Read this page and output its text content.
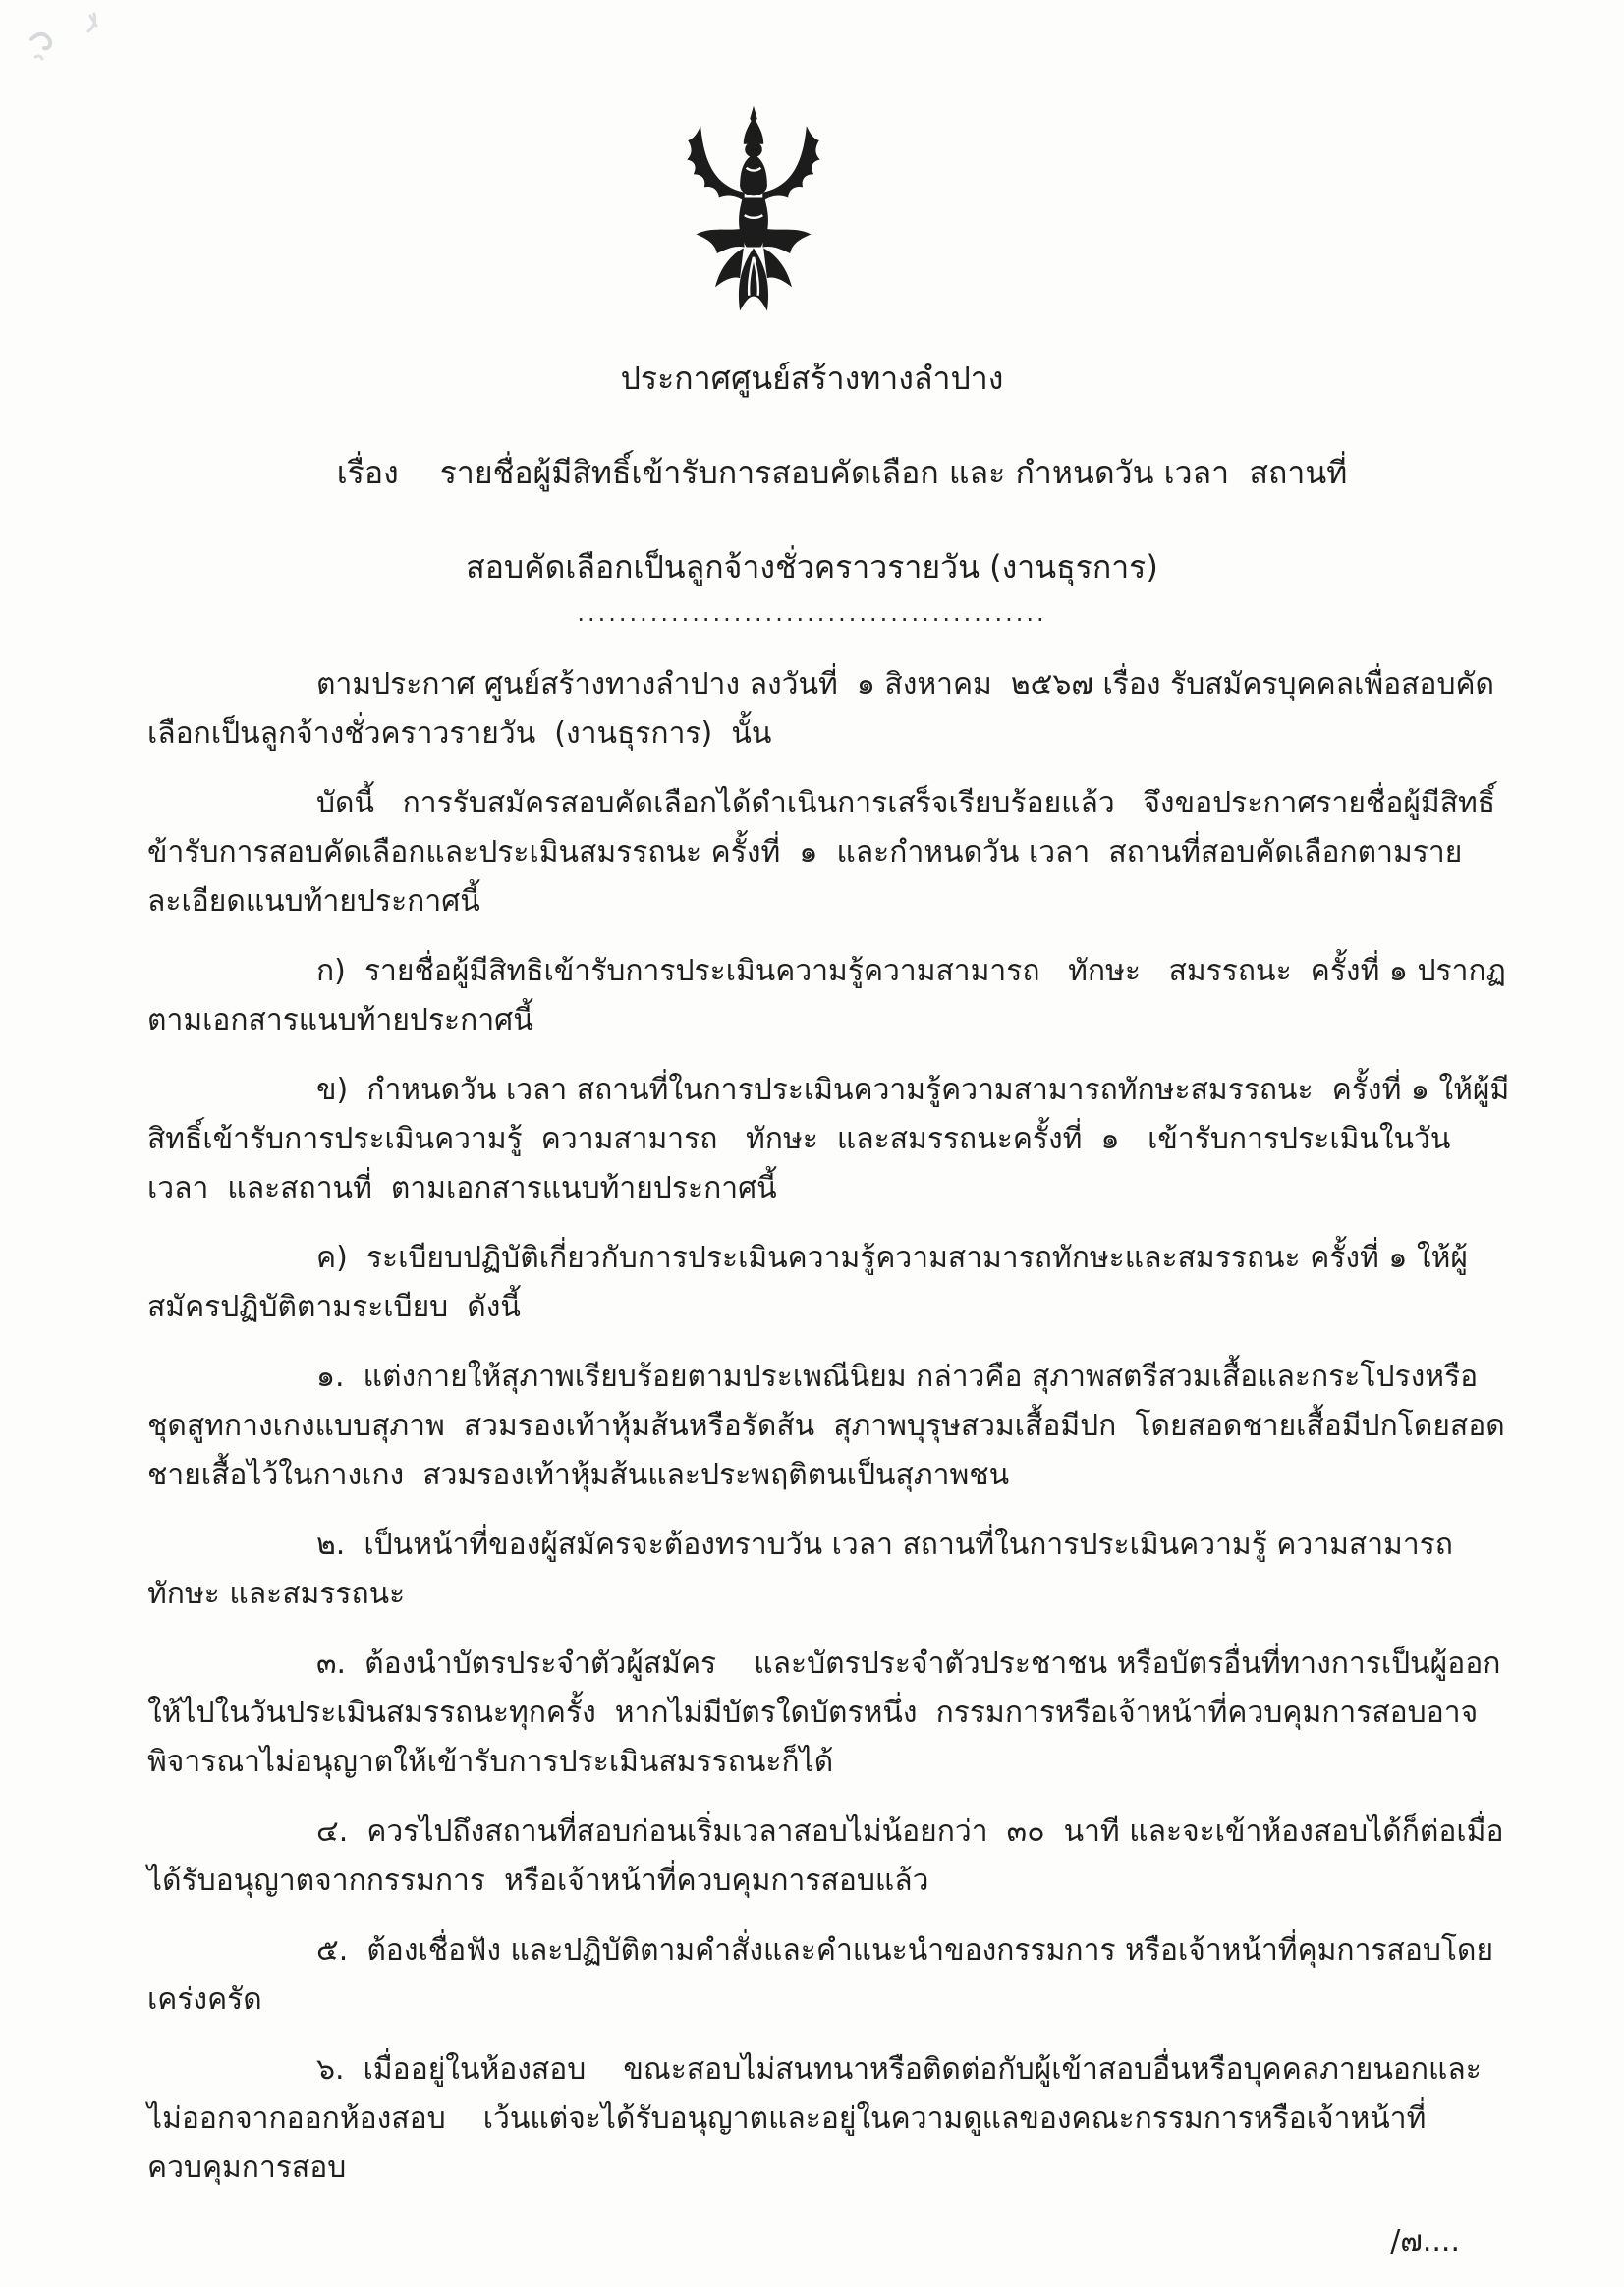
ประกาศศูนย์สร้างทางลำปาง

เรื่อง รายชื่อผู้มีสิทธิ์เข้ารับการสอบคัดเลือก และ กำหนดวัน เวลา  สถานที่

สอบคัดเลือกเป็นลูกจ้างชั่วคราวรายวัน (งานธุรการ)
.............................................

ตามประกาศ ศูนย์สร้างทางลำปาง ลงวันที่  ๑ สิงหาคม  ๒๕๖๗ เรื่อง รับสมัครบุคคลเพื่อสอบคัดเลือกเป็นลูกจ้างชั่วคราวรายวัน  (งานธุรการ)  นั้น

บัดนี้   การรับสมัครสอบคัดเลือกได้ดำเนินการเสร็จเรียบร้อยแล้ว   จึงขอประกาศรายชื่อผู้มีสิทธิ์ข้ารับการสอบคัดเลือกและประเมินสมรรถนะ ครั้งที่  ๑  และกำหนดวัน เวลา  สถานที่สอบคัดเลือกตามรายละเอียดแนบท้ายประกาศนี้

ก)  รายชื่อผู้มีสิทธิเข้ารับการประเมินความรู้ความสามารถ   ทักษะ   สมรรถนะ  ครั้งที่ ๑ ปรากฏตามเอกสารแนบท้ายประกาศนี้

ข)  กำหนดวัน เวลา สถานที่ในการประเมินความรู้ความสามารถทักษะสมรรถนะ  ครั้งที่ ๑ ให้ผู้มีสิทธิ์เข้ารับการประเมินความรู้  ความสามารถ   ทักษะ  และสมรรถนะครั้งที่  ๑   เข้ารับการประเมินในวัน  เวลา  และสถานที่  ตามเอกสารแนบท้ายประกาศนี้

ค)  ระเบียบปฏิบัติเกี่ยวกับการประเมินความรู้ความสามารถทักษะและสมรรถนะ ครั้งที่ ๑ ให้ผู้สมัครปฏิบัติตามระเบียบ  ดังนี้

๑.  แต่งกายให้สุภาพเรียบร้อยตามประเพณีนิยม กล่าวคือ สุภาพสตรีสวมเสื้อและกระโปรงหรือชุดสูทกางเกงแบบสุภาพ  สวมรองเท้าหุ้มส้นหรือรัดส้น  สุภาพบุรุษสวมเสื้อมีปก  โดยสอดชายเสื้อมีปกโดยสอดชายเสื้อไว้ในกางเกง  สวมรองเท้าหุ้มส้นและประพฤติตนเป็นสุภาพชน

๒.  เป็นหน้าที่ของผู้สมัครจะต้องทราบวัน เวลา สถานที่ในการประเมินความรู้ ความสามารถทักษะ และสมรรถนะ

๓.  ต้องนำบัตรประจำตัวผู้สมัคร    และบัตรประจำตัวประชาชน หรือบัตรอื่นที่ทางการเป็นผู้ออกให้ไปในวันประเมินสมรรถนะทุกครั้ง  หากไม่มีบัตรใดบัตรหนึ่ง  กรรมการหรือเจ้าหน้าที่ควบคุมการสอบอาจพิจารณาไม่อนุญาตให้เข้ารับการประเมินสมรรถนะก็ได้

๔.  ควรไปถึงสถานที่สอบก่อนเริ่มเวลาสอบไม่น้อยกว่า  ๓๐  นาที และจะเข้าห้องสอบได้ก็ต่อเมื่อได้รับอนุญาตจากกรรมการ  หรือเจ้าหน้าที่ควบคุมการสอบแล้ว

๕.  ต้องเชื่อฟัง และปฏิบัติตามคำสั่งและคำแนะนำของกรรมการ หรือเจ้าหน้าที่คุมการสอบโดยเคร่งครัด

๖.  เมื่ออยู่ในห้องสอบ    ขณะสอบไม่สนทนาหรือติดต่อกับผู้เข้าสอบอื่นหรือบุคคลภายนอกและไม่ออกจากออกห้องสอบ    เว้นแต่จะได้รับอนุญาตและอยู่ในความดูแลของคณะกรรมการหรือเจ้าหน้าที่ควบคุมการสอบ

/๗....
